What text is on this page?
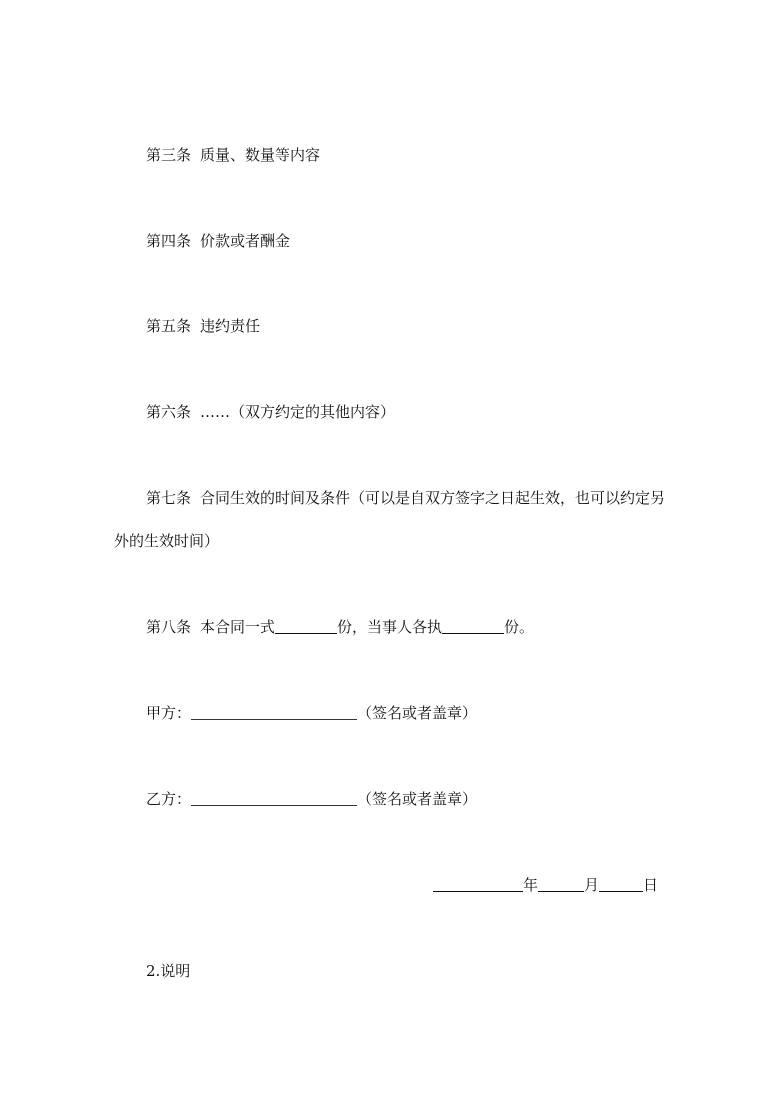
第三条 质量、数量等内容
第四条 价款或者酬金
第五条 违约责任
第六条 ……（双方约定的其他内容）
第七条 合同生效的时间及条件（可以是自双方签字之日起生效，也可以约定另
外的生效时间）
第八条 本合同一式	份，当事人各执	份。
甲方：	（签名或者盖章）
乙方：	（签名或者盖章）
年	月	日
2.说明
